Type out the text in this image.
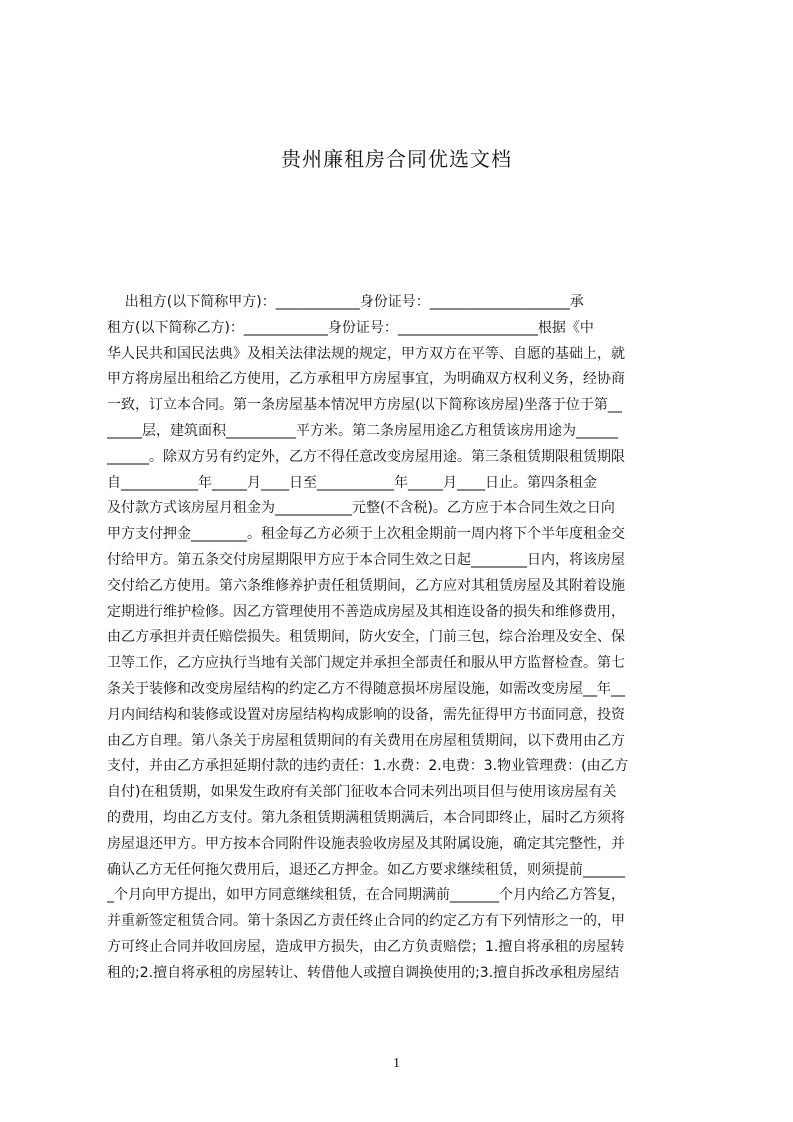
贵州廉租房合同优选文档
出租方(以下简称甲方)：____________身份证号：____________________承
租方(以下简称乙方)：____________身份证号：____________________根据《中
华人民共和国民法典》及相关法律法规的规定，甲方双方在平等、自愿的基础上，就
甲方将房屋出租给乙方使用，乙方承租甲方房屋事宜，为明确双方权利义务，经协商
一致，订立本合同。第一条房屋基本情况甲方房屋(以下简称该房屋)坐落于位于第__
_____层，建筑面积__________平方米。第二条房屋用途乙方租赁该房用途为______
______。除双方另有约定外，乙方不得任意改变房屋用途。第三条租赁期限租赁期限
自___________年_____月____日至___________年_____月____日止。第四条租金
及付款方式该房屋月租金为___________元整(不含税)。乙方应于本合同生效之日向
甲方支付押金________。租金每乙方必须于上次租金期前一周内将下个半年度租金交
付给甲方。第五条交付房屋期限甲方应于本合同生效之日起________日内，将该房屋
交付给乙方使用。第六条维修养护责任租赁期间，乙方应对其租赁房屋及其附着设施
定期进行维护检修。因乙方管理使用不善造成房屋及其相连设备的损失和维修费用，
由乙方承担并责任赔偿损失。租赁期间，防火安全，门前三包，综合治理及安全、保
卫等工作，乙方应执行当地有关部门规定并承担全部责任和服从甲方监督检查。第七
条关于装修和改变房屋结构的约定乙方不得随意损坏房屋设施，如需改变房屋__年__
月内间结构和装修或设置对房屋结构构成影响的设备，需先征得甲方书面同意，投资
由乙方自理。第八条关于房屋租赁期间的有关费用在房屋租赁期间，以下费用由乙方
支付，并由乙方承担延期付款的违约责任：1.水费：2.电费：3.物业管理费：(由乙方
自付)在租赁期，如果发生政府有关部门征收本合同未列出项目但与使用该房屋有关
的费用，均由乙方支付。第九条租赁期满租赁期满后，本合同即终止，届时乙方须将
房屋退还甲方。甲方按本合同附件设施表验收房屋及其附属设施，确定其完整性，并
确认乙方无任何拖欠费用后，退还乙方押金。如乙方要求继续租赁，则须提前______
_个月向甲方提出，如甲方同意继续租赁，在合同期满前_______个月内给乙方答复，
并重新签定租赁合同。第十条因乙方责任终止合同的约定乙方有下列情形之一的，甲
方可终止合同并收回房屋，造成甲方损失，由乙方负责赔偿；1.擅自将承租的房屋转
租的;2.擅自将承租的房屋转让、转借他人或擅自调换使用的;3.擅自拆改承租房屋结
1
